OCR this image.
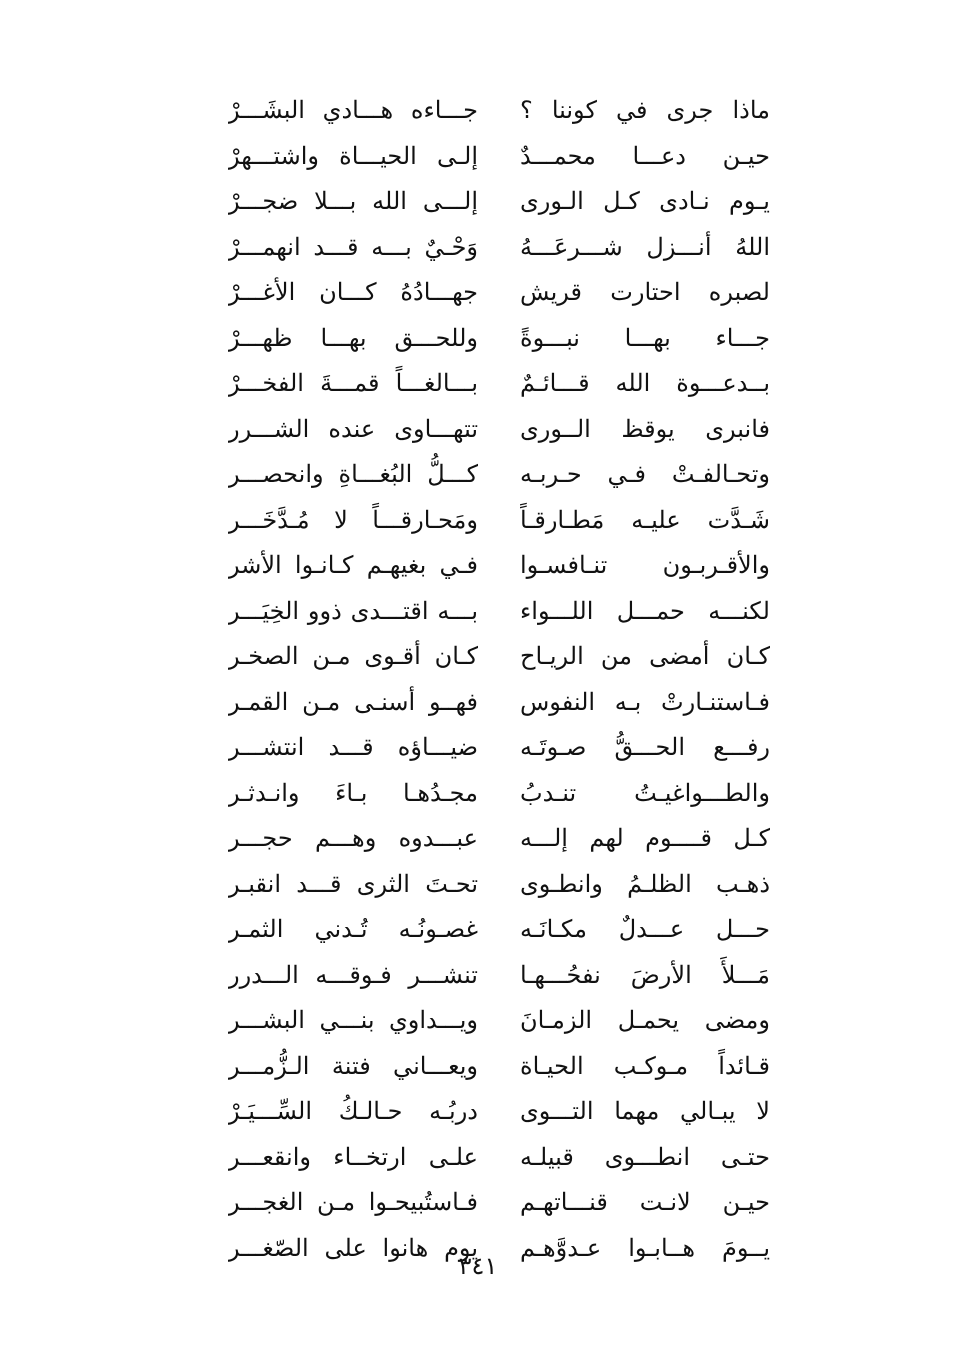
ماذا جرى في كوننا ؟
حيـن دعـــا محمـــدٌ
يـوم نـادى كـل الـورى
اللهُ أنـــزل شـــرعَـــهُ
لصبره احتارت قريش
جـــاء بهـــا نبـــوةً
بــدعـــوة الله قـــائـمٌ
فانبرى يوقظ الــورى
وتحـالفـتْ فـي حـربـه
شَـدَّت عليـه مَطـارقـاً
والأقـربـون تنـافسـوا
لكنـــه حمـــل اللـــواء
كـان أمضى من الريـاح
فـاستنـارتْ بـه النفوس
رفـــع الحـــقُّ صـوتَـه
والطـــواغيـتُ تنـدبُ
كـل قــــوم لهم إلـــه
ذهـب الظلـمُ وانطـوى
حـــل عـــدلٌ مكـانَـه
مَـــلأَ الأرضَ نفحُـــهـا
ومضى يحمـل الزمـانَ
قـائداً مـوكـب الحيـاة
لا يبـالي مهما التـــوى
حتـى انطـــوى قبيلـه
حيـن لانـت قنـــاتهـم
يــومَ هــابـوا عـدوَّهـم
جـــاءه هـــادي البشَـــرْ
إلـى الحيـــاة واشتـــهرْ
إلـــى الله بـــلا ضجـــرْ
وَحْـيٌ بـــه قـــد انهمـــرْ
جهـــادُهُ كـــان الأغـــرْ
وللحـــق بهـــا ظهـــرْ
بـــالغـــاً قمـــةَ الفخـــرْ
تتهـــاوى عنده الشـــرر
كـــلُّ البُغـــاةِ وانحصـــر
ومَحـارقـــاً لا مُـدَّخَـــر
فـي بغيهـم كـانـوا الأشر
بـــه اقتـــدى ذوو الخِيَـــر
كـان أقـوى مـن الصخـر
فهــو أسنـى مـن القمـر
ضيـــاؤه قـــد انتشـــر
مجـدُهـا بـاءَ وانـدثـر
عبـــدوه وهـــم حجـــر
تحـتَ الثرى قـــد انقبـر
غصـونُـه تُـدني الثمـر
تنشـــر فـوقـــه الـــدرر
ويـــداوي بنـــي البشـــر
ويعـــاني فتنة الـزُّمـــر
دربُـه حـالـكُ السِّـــيَـرْ
علـى ارتخــاء وانقعـــر
فـاستُبيحـوا مـن الغجـــر
يوم هانوا على الصّغـــر
٣٤١
